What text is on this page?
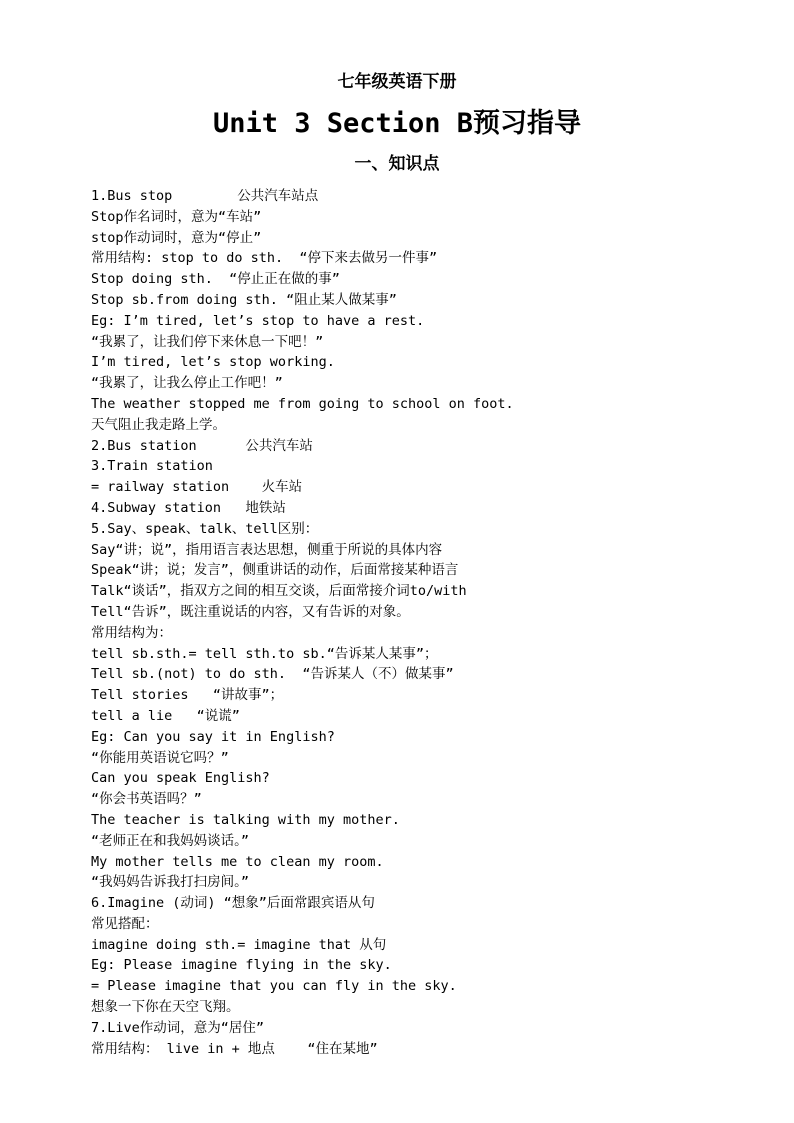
七年级英语下册
Unit 3 Section B预习指导
一、知识点
1.Bus stop        公共汽车站点
Stop作名词时，意为“车站”
stop作动词时，意为“停止”
常用结构: stop to do sth.  “停下来去做另一件事”
Stop doing sth.  “停止正在做的事”
Stop sb.from doing sth. “阻止某人做某事”
Eg: I’m tired, let’s stop to have a rest.
“我累了，让我们停下来休息一下吧！”
I’m tired, let’s stop working.
“我累了，让我么停止工作吧！”
The weather stopped me from going to school on foot.
天气阻止我走路上学。
2.Bus station      公共汽车站
3.Train station
= railway station    火车站
4.Subway station   地铁站
5.Say、speak、talk、tell区别：
Say“讲；说”，指用语言表达思想，侧重于所说的具体内容
Speak“讲；说；发言”，侧重讲话的动作，后面常接某种语言
Talk“谈话”，指双方之间的相互交谈，后面常接介词to/with
Tell“告诉”，既注重说话的内容，又有告诉的对象。
常用结构为：
tell sb.sth.= tell sth.to sb.“告诉某人某事”；
Tell sb.(not) to do sth.  “告诉某人（不）做某事”
Tell stories   “讲故事”；
tell a lie   “说谎”
Eg: Can you say it in English?
“你能用英语说它吗？”
Can you speak English?
“你会书英语吗？”
The teacher is talking with my mother.
“老师正在和我妈妈谈话。”
My mother tells me to clean my room.
“我妈妈告诉我打扫房间。”
6.Imagine (动词) “想象”后面常跟宾语从句
常见搭配：
imagine doing sth.= imagine that 从句
Eg: Please imagine flying in the sky.
= Please imagine that you can fly in the sky.
想象一下你在天空飞翔。
7.Live作动词，意为“居住”
常用结构： live in + 地点    “住在某地”
